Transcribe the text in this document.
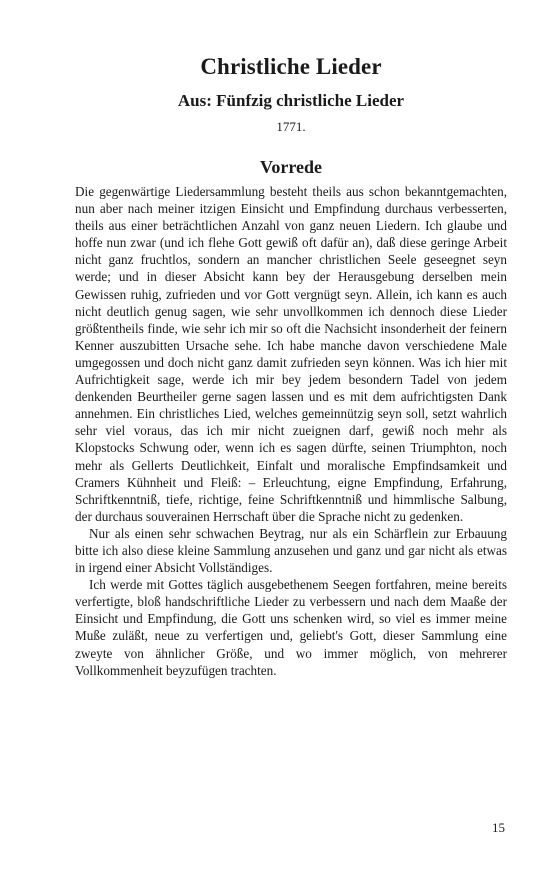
Christliche Lieder
Aus: Fünfzig christliche Lieder
1771.
Vorrede

Die gegenwärtige Liedersammlung besteht theils aus schon bekanntgemachten, nun aber nach meiner itzigen Einsicht und Empfindung durchaus verbesserten, theils aus einer beträchtlichen Anzahl von ganz neuen Liedern. Ich glaube und hoffe nun zwar (und ich flehe Gott gewiß oft dafür an), daß diese geringe Arbeit nicht ganz fruchtlos, sondern an mancher christlichen Seele geseegnet seyn werde; und in dieser Absicht kann bey der Herausgebung derselben mein Gewissen ruhig, zufrieden und vor Gott vergnügt seyn. Allein, ich kann es auch nicht deutlich genug sagen, wie sehr unvollkommen ich dennoch diese Lieder größtentheils finde, wie sehr ich mir so oft die Nachsicht insonderheit der feinern Kenner auszubitten Ursache sehe. Ich habe manche davon verschiedene Male umgegossen und doch nicht ganz damit zufrieden seyn können. Was ich hier mit Aufrichtigkeit sage, werde ich mir bey jedem besondern Tadel von jedem denkenden Beurtheiler gerne sagen lassen und es mit dem aufrichtigsten Dank annehmen. Ein christliches Lied, welches gemeinnützig seyn soll, setzt wahrlich sehr viel voraus, das ich mir nicht zueignen darf, gewiß noch mehr als Klopstocks Schwung oder, wenn ich es sagen dürfte, seinen Triumphton, noch mehr als Gellerts Deutlichkeit, Einfalt und moralische Empfindsamkeit und Cramers Kühnheit und Fleiß: – Erleuchtung, eigne Empfindung, Erfahrung, Schriftkenntniß, tiefe, richtige, feine Schriftkenntniß und himmlische Salbung, der durchaus souverainen Herrschaft über die Sprache nicht zu gedenken.

Nur als einen sehr schwachen Beytrag, nur als ein Schärflein zur Erbauung bitte ich also diese kleine Sammlung anzusehen und ganz und gar nicht als etwas in irgend einer Absicht Vollständiges.

Ich werde mit Gottes täglich ausgebethenem Seegen fortfahren, meine bereits verfertigte, bloß handschriftliche Lieder zu verbessern und nach dem Maaße der Einsicht und Empfindung, die Gott uns schenken wird, so viel es immer meine Muße zuläßt, neue zu verfertigen und, geliebt's Gott, dieser Sammlung eine zweyte von ähnlicher Größe, und wo immer möglich, von mehrerer Vollkommenheit beyzufügen trachten.

15
